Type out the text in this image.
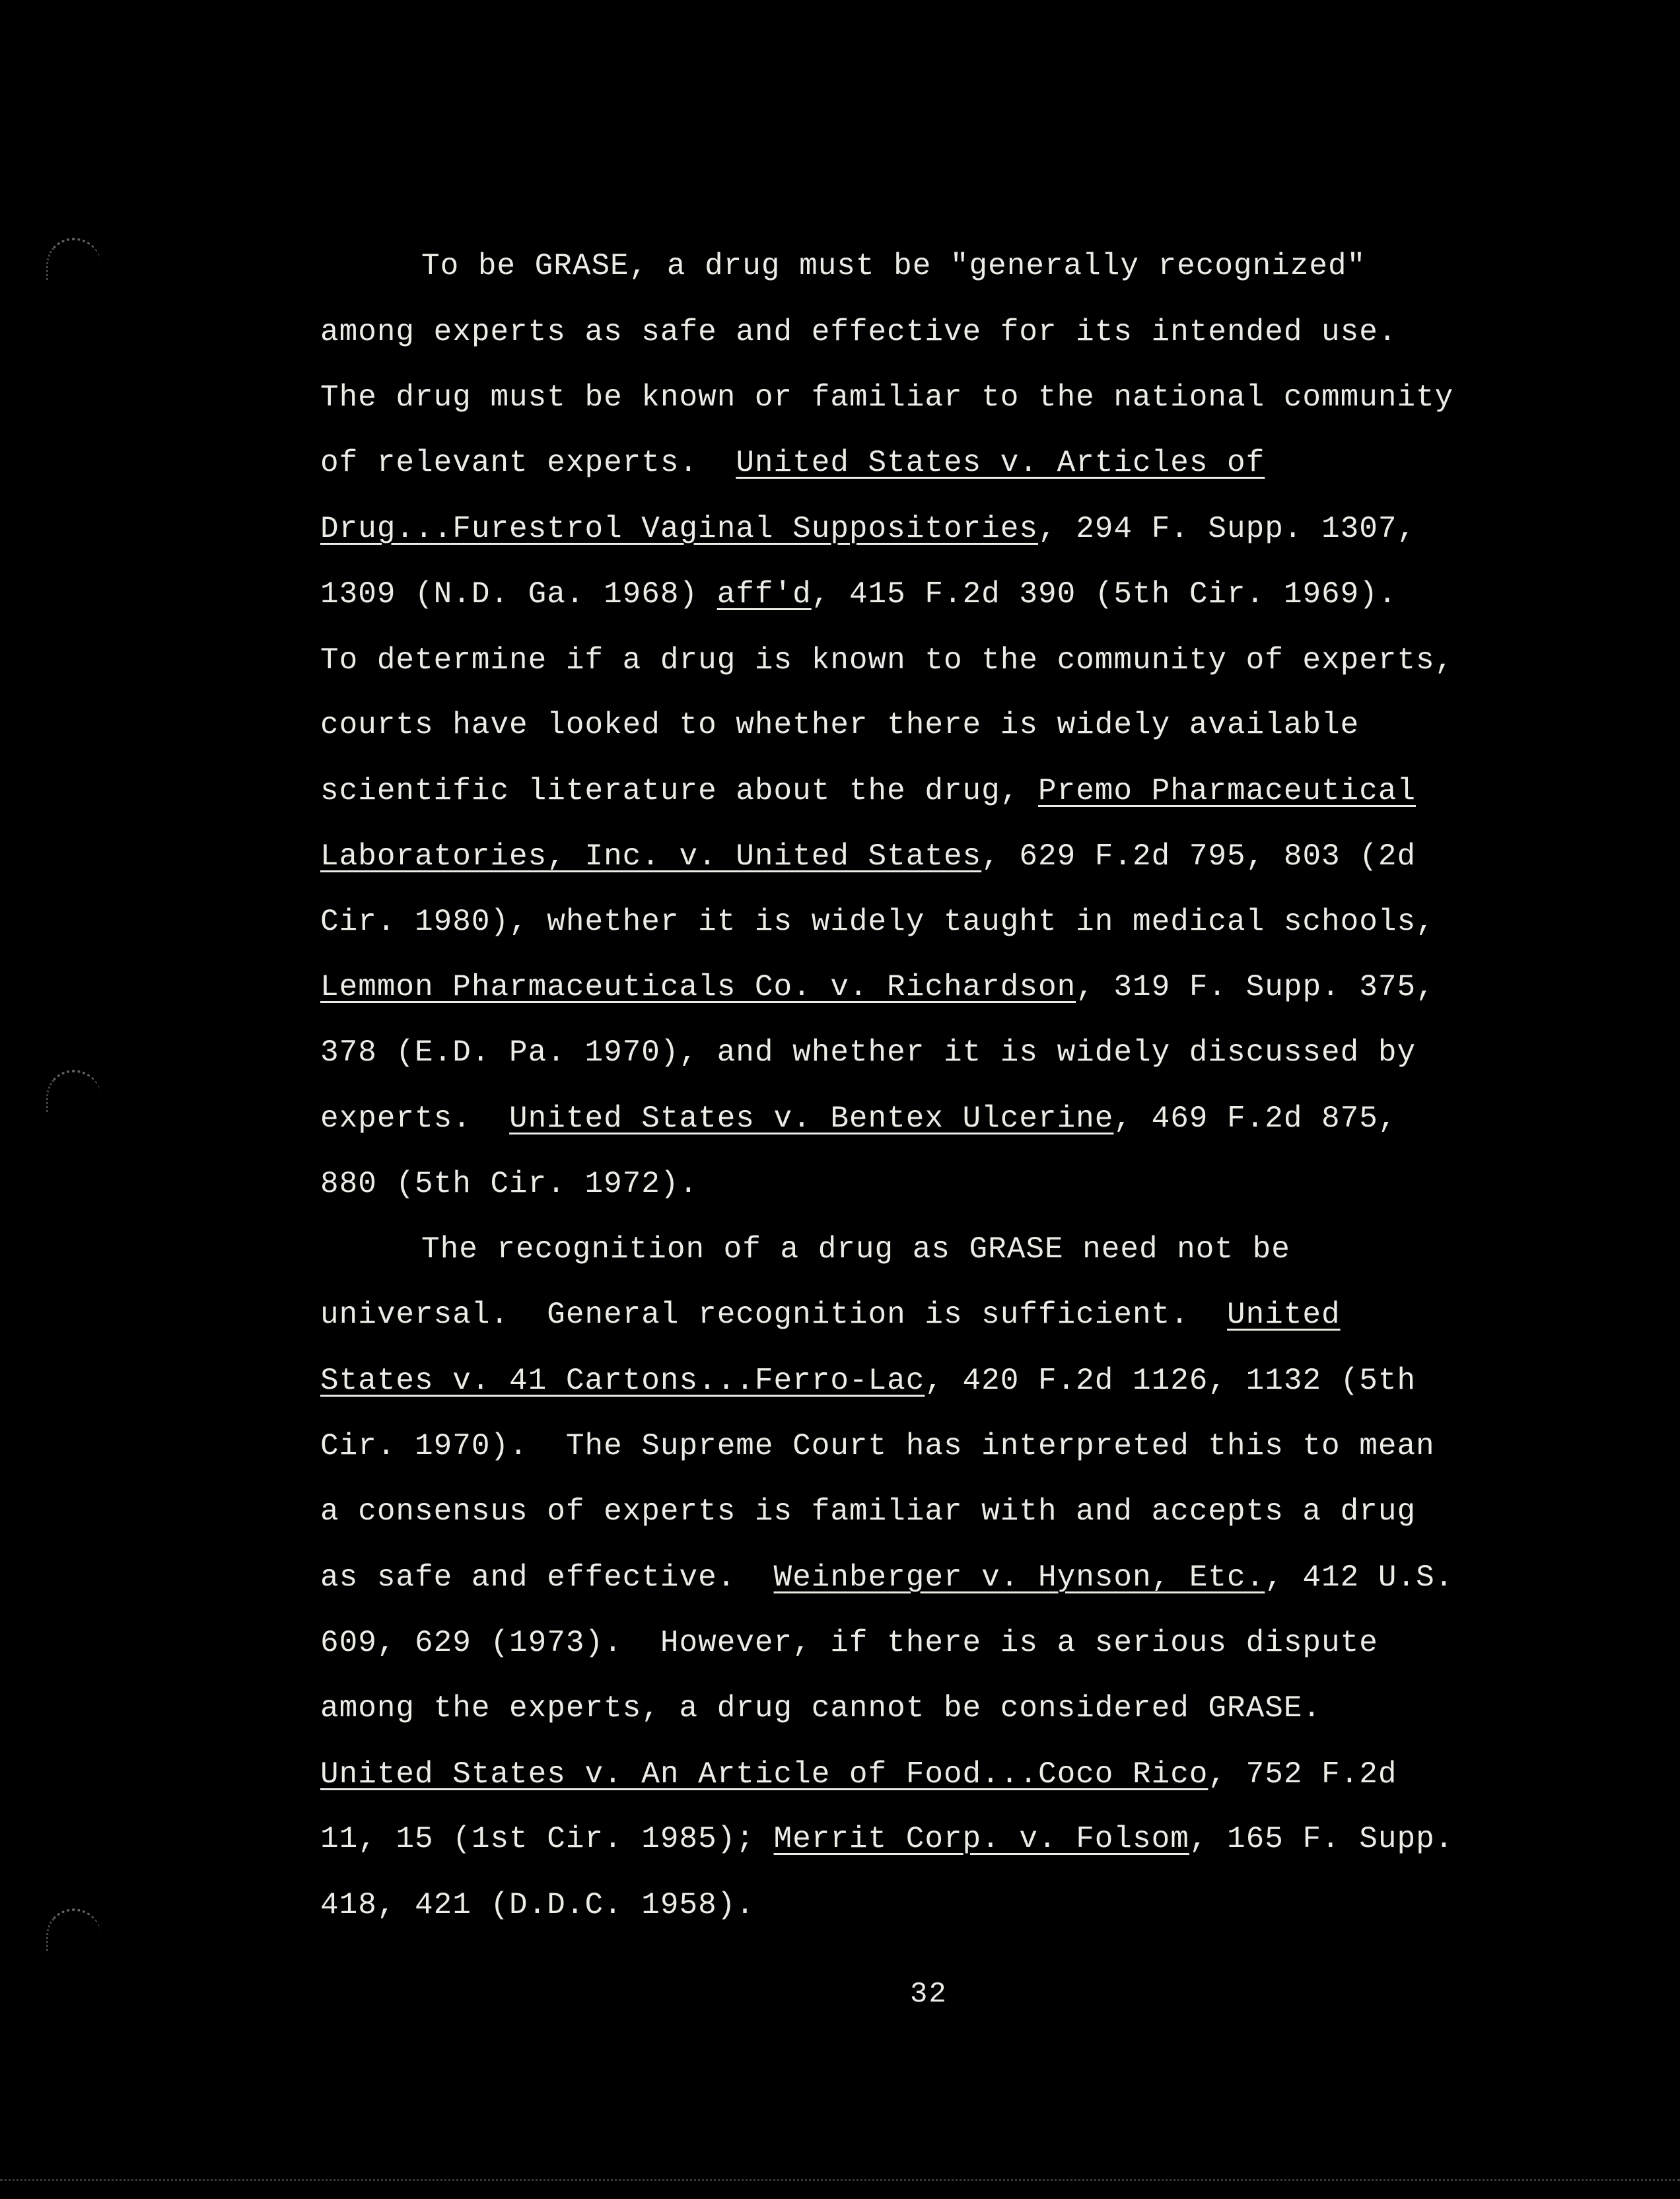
To be GRASE, a drug must be "generally recognized"
among experts as safe and effective for its intended use.
The drug must be known or familiar to the national community
of relevant experts.  United States v. Articles of
Drug...Furestrol Vaginal Suppositories, 294 F. Supp. 1307,
1309 (N.D. Ga. 1968) aff'd, 415 F.2d 390 (5th Cir. 1969).
To determine if a drug is known to the community of experts,
courts have looked to whether there is widely available
scientific literature about the drug, Premo Pharmaceutical
Laboratories, Inc. v. United States, 629 F.2d 795, 803 (2d
Cir. 1980), whether it is widely taught in medical schools,
Lemmon Pharmaceuticals Co. v. Richardson, 319 F. Supp. 375,
378 (E.D. Pa. 1970), and whether it is widely discussed by
experts.  United States v. Bentex Ulcerine, 469 F.2d 875,
880 (5th Cir. 1972).
The recognition of a drug as GRASE need not be
universal.  General recognition is sufficient.  United
States v. 41 Cartons...Ferro-Lac, 420 F.2d 1126, 1132 (5th
Cir. 1970).  The Supreme Court has interpreted this to mean
a consensus of experts is familiar with and accepts a drug
as safe and effective.  Weinberger v. Hynson, Etc., 412 U.S.
609, 629 (1973).  However, if there is a serious dispute
among the experts, a drug cannot be considered GRASE.
United States v. An Article of Food...Coco Rico, 752 F.2d
11, 15 (1st Cir. 1985); Merrit Corp. v. Folsom, 165 F. Supp.
418, 421 (D.D.C. 1958).
32
